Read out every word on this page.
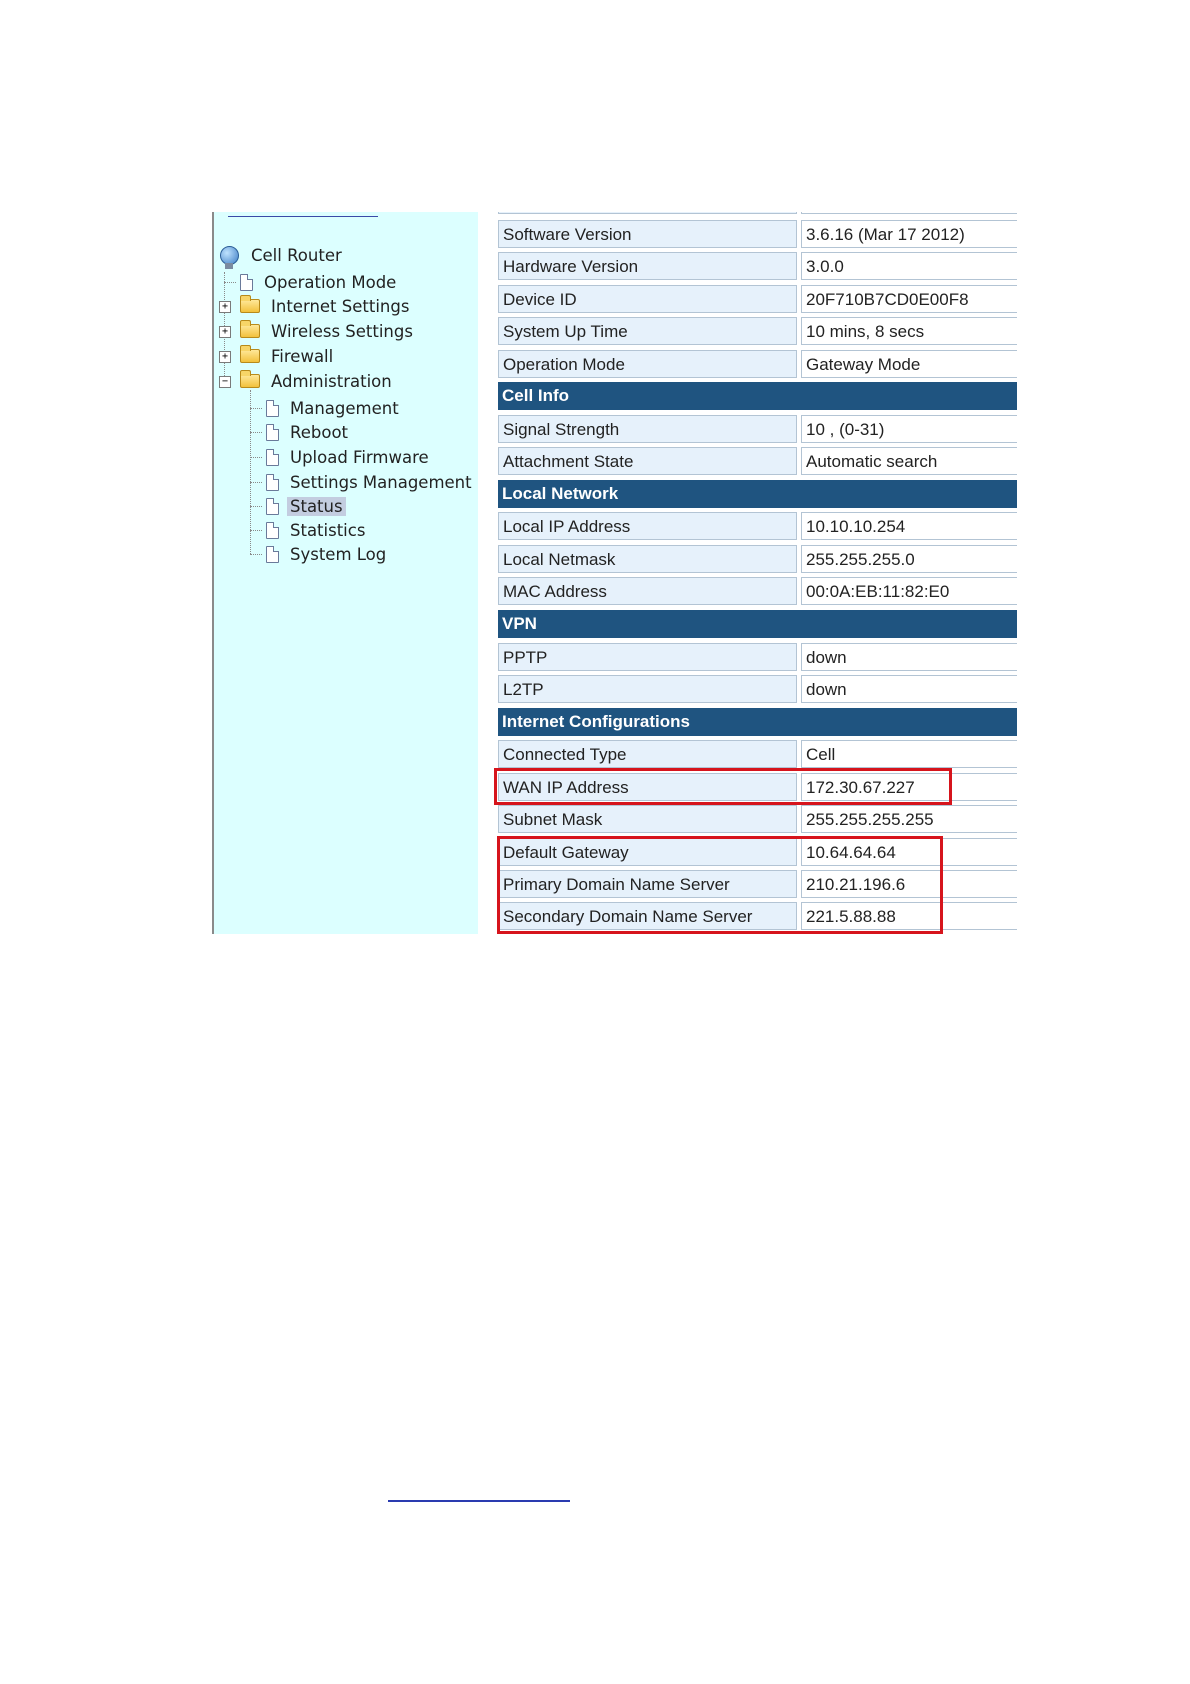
Cell Router
Operation Mode
+	Internet Settings
+	Wireless Settings
+	Firewall
−	Administration
Management
Reboot
Upload Firmware
Settings Management
Status
Statistics
System Log
Software Version	3.6.16 (Mar 17 2012)
Hardware Version	3.0.0
Device ID	20F710B7CD0E00F8
System Up Time	10 mins, 8 secs
Operation Mode	Gateway Mode
Cell Info
Signal Strength	10 , (0-31)
Attachment State	Automatic search
Local Network
Local IP Address	10.10.10.254
Local Netmask	255.255.255.0
MAC Address	00:0A:EB:11:82:E0
VPN
PPTP	down
L2TP	down
Internet Configurations
Connected Type	Cell
WAN IP Address	172.30.67.227
Subnet Mask	255.255.255.255
Default Gateway	10.64.64.64
Primary Domain Name Server	210.21.196.6
Secondary Domain Name Server	221.5.88.88
